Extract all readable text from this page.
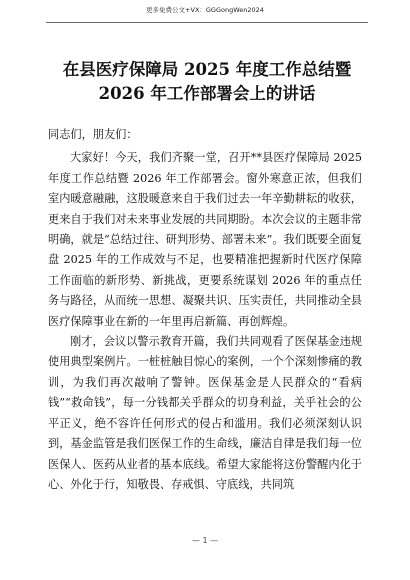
更多免费公文+VX：GGGongWen2024
在县医疗保障局 2025 年度工作总结暨
2026 年工作部署会上的讲话

同志们，朋友们：

大家好！今天，我们齐聚一堂，召开**县医疗保障局 2025 年度工作总结暨 2026 年工作部署会。窗外寒意正浓，但我们室内暖意融融，这股暖意来自于我们过去一年辛勤耕耘的收获，更来自于我们对未来事业发展的共同期盼。本次会议的主题非常明确，就是“总结过往、研判形势、部署未来”。我们既要全面复盘 2025 年的工作成效与不足，也要精准把握新时代医疗保障工作面临的新形势、新挑战，更要系统谋划 2026 年的重点任务与路径，从而统一思想、凝聚共识、压实责任，共同推动全县医疗保障事业在新的一年里再启新篇、再创辉煌。

刚才，会议以警示教育开篇，我们共同观看了医保基金违规使用典型案例片。一桩桩触目惊心的案例，一个个深刻惨痛的教训，为我们再次敲响了警钟。医保基金是人民群众的“看病钱”“救命钱”，每一分钱都关乎群众的切身利益，关乎社会的公平正义，绝不容许任何形式的侵占和滥用。我们必须深刻认识到，基金监管是我们医保工作的生命线，廉洁自律是我们每一位医保人、医药从业者的基本底线。希望大家能将这份警醒内化于心、外化于行，知敬畏、存戒惧、守底线，共同筑

— 1 —
